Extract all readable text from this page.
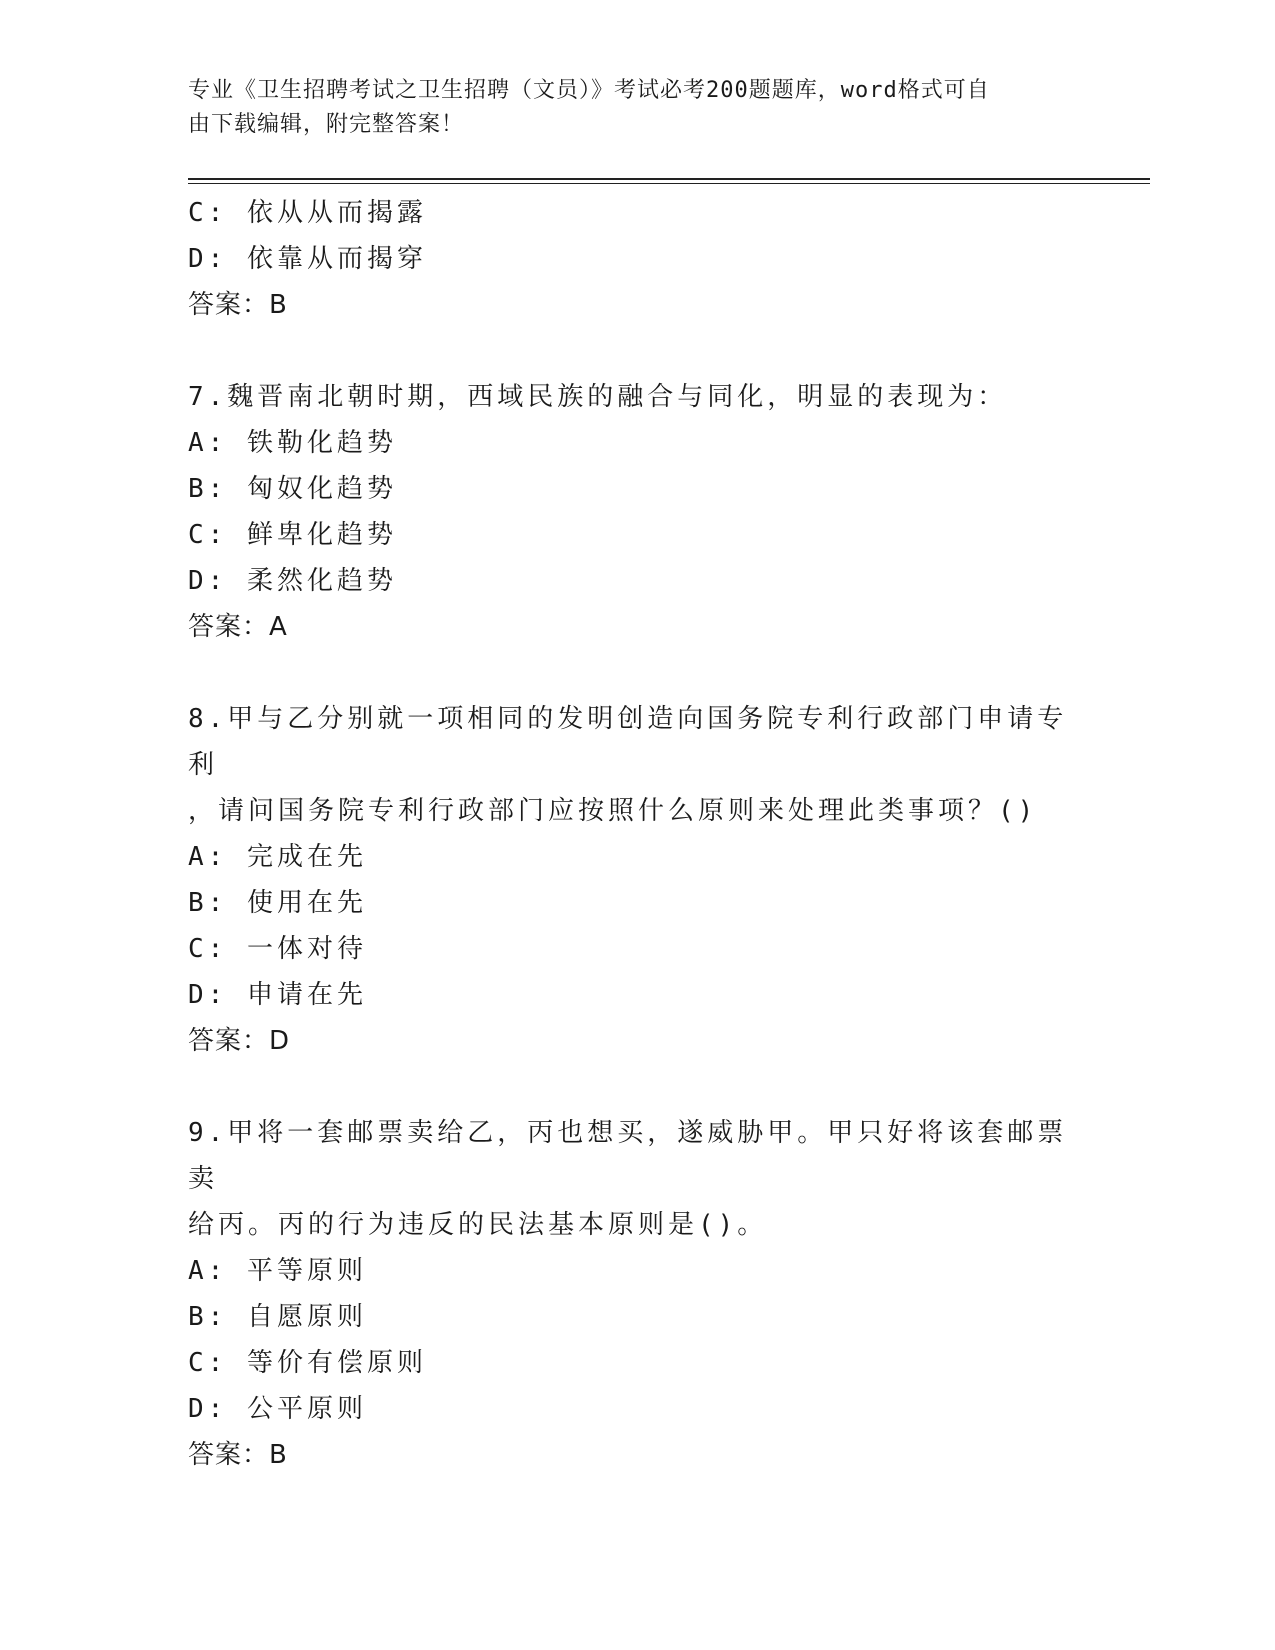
专业《卫生招聘考试之卫生招聘（文员）》考试必考200题题库，word格式可自
由下载编辑，附完整答案！
C: 依从从而揭露
D: 依靠从而揭穿
答案：B
7.魏晋南北朝时期，西域民族的融合与同化，明显的表现为：
A: 铁勒化趋势
B: 匈奴化趋势
C: 鲜卑化趋势
D: 柔然化趋势
答案：A
8.甲与乙分别就一项相同的发明创造向国务院专利行政部门申请专利
，请问国务院专利行政部门应按照什么原则来处理此类事项？()
A: 完成在先
B: 使用在先
C: 一体对待
D: 申请在先
答案：D
9.甲将一套邮票卖给乙，丙也想买，遂威胁甲。甲只好将该套邮票卖
给丙。丙的行为违反的民法基本原则是()。
A: 平等原则
B: 自愿原则
C: 等价有偿原则
D: 公平原则
答案：B
